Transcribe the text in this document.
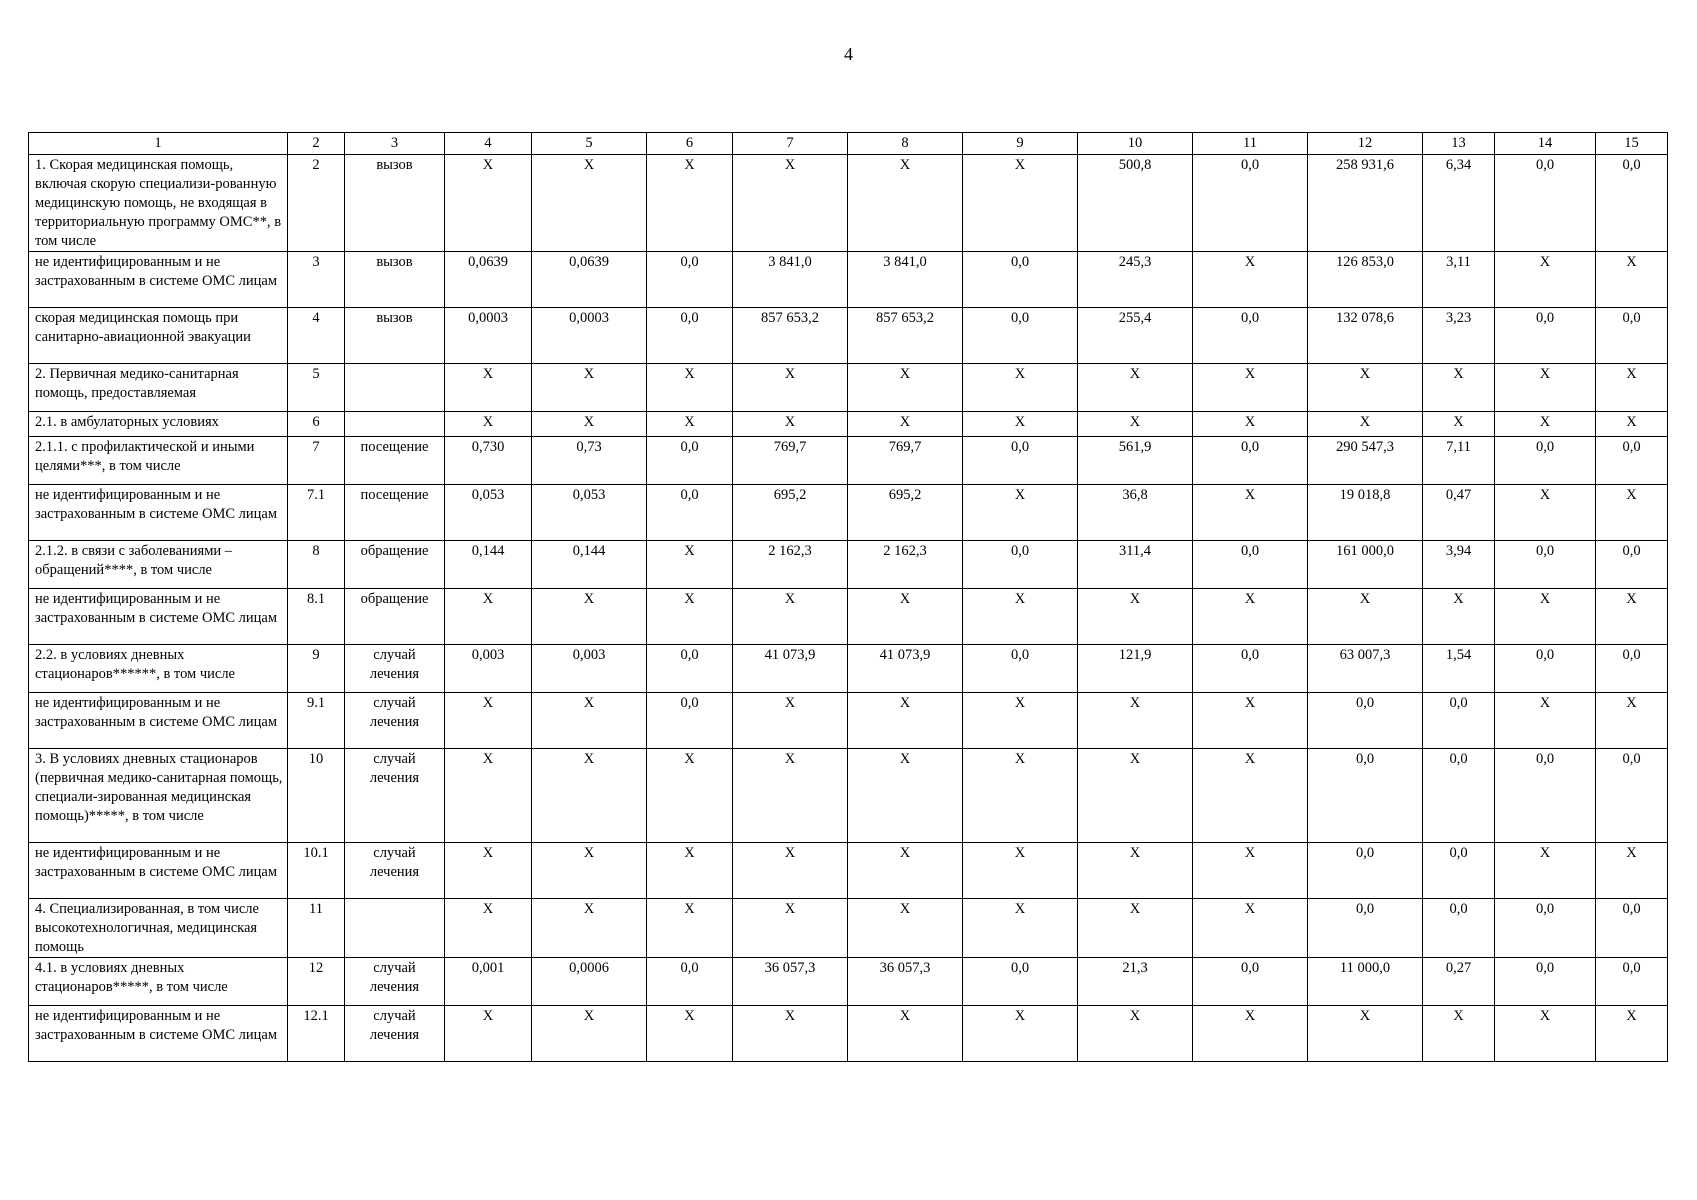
4
1	2	3	4	5	6	7	8	9	10	11	12	13	14	15
1. Скорая медицинская помощь, включая скорую специализи-рованную медицинскую помощь, не входящая в территориальную программу ОМС**, в том числе	2	вызов	Х	Х	Х	Х	Х	Х	500,8	0,0	258 931,6	6,34	0,0	0,0
не идентифицированным и не застрахованным в системе ОМС лицам	3	вызов	0,0639	0,0639	0,0	3 841,0	3 841,0	0,0	245,3	Х	126 853,0	3,11	Х	Х
скорая медицинская помощь при санитарно-авиационной эвакуации	4	вызов	0,0003	0,0003	0,0	857 653,2	857 653,2	0,0	255,4	0,0	132 078,6	3,23	0,0	0,0
2. Первичная медико-санитарная помощь, предоставляемая	5		Х	Х	Х	Х	Х	Х	Х	Х	Х	Х	Х	Х
2.1. в амбулаторных условиях	6		Х	Х	Х	Х	Х	Х	Х	Х	Х	Х	Х	Х
2.1.1. с профилактической и иными целями***, в том числе	7	посещение	0,730	0,73	0,0	769,7	769,7	0,0	561,9	0,0	290 547,3	7,11	0,0	0,0
не идентифицированным и не застрахованным в системе ОМС лицам	7.1	посещение	0,053	0,053	0,0	695,2	695,2	Х	36,8	Х	19 018,8	0,47	Х	Х
2.1.2. в связи с заболеваниями – обращений****, в том числе	8	обращение	0,144	0,144	Х	2 162,3	2 162,3	0,0	311,4	0,0	161 000,0	3,94	0,0	0,0
не идентифицированным и не застрахованным в системе ОМС лицам	8.1	обращение	Х	Х	Х	Х	Х	Х	Х	Х	Х	Х	Х	Х
2.2. в условиях дневных стационаров******, в том числе	9	случай лечения	0,003	0,003	0,0	41 073,9	41 073,9	0,0	121,9	0,0	63 007,3	1,54	0,0	0,0
не идентифицированным и не застрахованным в системе ОМС лицам	9.1	случай лечения	Х	Х	0,0	Х	Х	Х	Х	Х	0,0	0,0	Х	Х
3. В условиях дневных стационаров (первичная медико-санитарная помощь, специали-зированная медицинская помощь)*****, в том числе	10	случай лечения	Х	Х	Х	Х	Х	Х	Х	Х	0,0	0,0	0,0	0,0
не идентифицированным и не застрахованным в системе ОМС лицам	10.1	случай лечения	Х	Х	Х	Х	Х	Х	Х	Х	0,0	0,0	Х	Х
4. Специализированная, в том числе высокотехнологичная, медицинская помощь	11		Х	Х	Х	Х	Х	Х	Х	Х	0,0	0,0	0,0	0,0
4.1. в условиях дневных стационаров*****, в том числе	12	случай лечения	0,001	0,0006	0,0	36 057,3	36 057,3	0,0	21,3	0,0	11 000,0	0,27	0,0	0,0
не идентифицированным и не застрахованным в системе ОМС лицам	12.1	случай лечения	Х	Х	Х	Х	Х	Х	Х	Х	Х	Х	Х	Х
